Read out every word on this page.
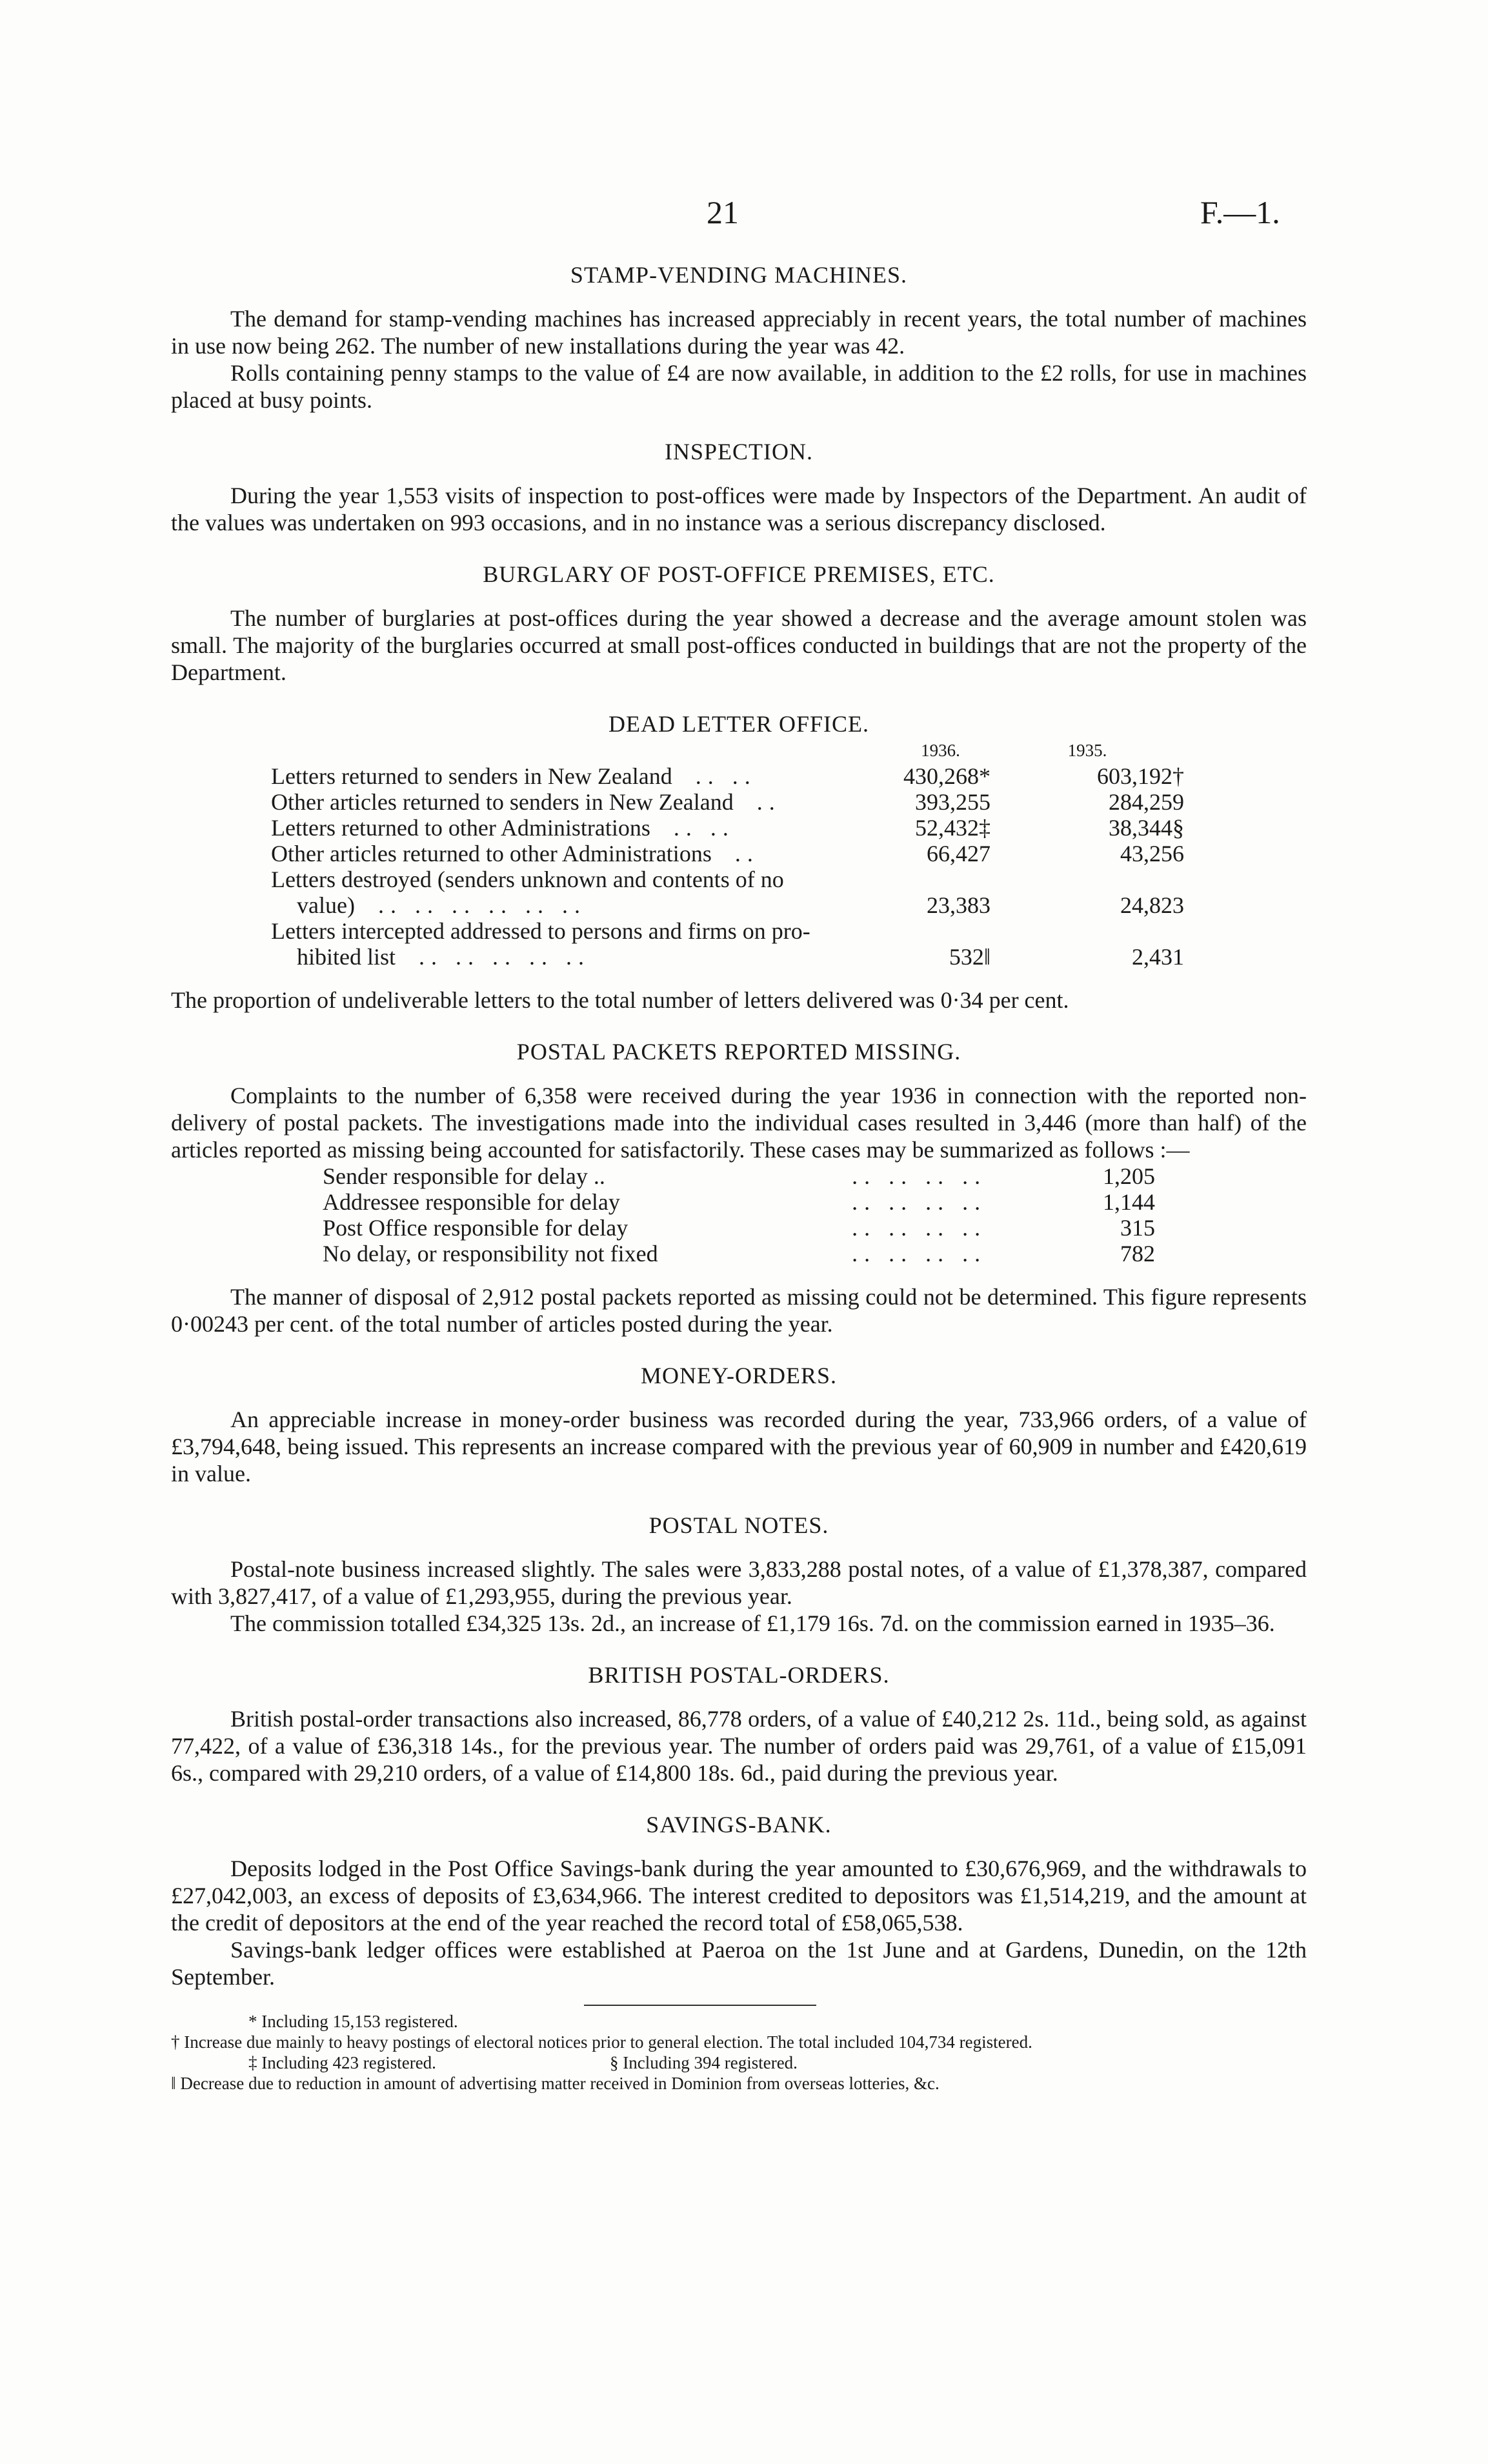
21	F.—1.
STAMP-VENDING MACHINES.

The demand for stamp-vending machines has increased appreciably in recent years, the total number of machines in use now being 262. The number of new installations during the year was 42.

Rolls containing penny stamps to the value of £4 are now available, in addition to the £2 rolls, for use in machines placed at busy points.

INSPECTION.

During the year 1,553 visits of inspection to post-offices were made by Inspectors of the Department. An audit of the values was undertaken on 993 occasions, and in no instance was a serious discrepancy disclosed.

BURGLARY OF POST-OFFICE PREMISES, ETC.

The number of burglaries at post-offices during the year showed a decrease and the average amount stolen was small. The majority of the burglaries occurred at small post-offices conducted in buildings that are not the property of the Department.

DEAD LETTER OFFICE.
	1936.	1935.
Letters returned to senders in New Zealand .. ..	430,268*	603,192†
Other articles returned to senders in New Zealand ..	393,255	284,259
Letters returned to other Administrations .. ..	52,432‡	38,344§
Other articles returned to other Administrations ..	66,427	43,256

Letters destroyed (senders unknown and contents of no
value) .. .. .. .. .. ..	23,383	24,823

Letters intercepted addressed to persons and firms on pro-
hibited list .. .. .. .. ..	532‖	2,431

The proportion of undeliverable letters to the total number of letters delivered was 0·34 per cent.

POSTAL PACKETS REPORTED MISSING.

Complaints to the number of 6,358 were received during the year 1936 in connection with the reported non-delivery of postal packets. The investigations made into the individual cases resulted in 3,446 (more than half) of the articles reported as missing being accounted for satisfactorily. These cases may be summarized as follows :—

Sender responsible for delay ..	.. .. .. ..	1,205
Addressee responsible for delay	.. .. .. ..	1,144
Post Office responsible for delay	.. .. .. ..	315
No delay, or responsibility not fixed	.. .. .. ..	782

The manner of disposal of 2,912 postal packets reported as missing could not be determined. This figure represents 0·00243 per cent. of the total number of articles posted during the year.

MONEY-ORDERS.

An appreciable increase in money-order business was recorded during the year, 733,966 orders, of a value of £3,794,648, being issued. This represents an increase compared with the previous year of 60,909 in number and £420,619 in value.

POSTAL NOTES.

Postal-note business increased slightly. The sales were 3,833,288 postal notes, of a value of £1,378,387, compared with 3,827,417, of a value of £1,293,955, during the previous year.

The commission totalled £34,325 13s. 2d., an increase of £1,179 16s. 7d. on the commission earned in 1935–36.

BRITISH POSTAL-ORDERS.

British postal-order transactions also increased, 86,778 orders, of a value of £40,212 2s. 11d., being sold, as against 77,422, of a value of £36,318 14s., for the previous year. The number of orders paid was 29,761, of a value of £15,091 6s., compared with 29,210 orders, of a value of £14,800 18s. 6d., paid during the previous year.

SAVINGS-BANK.

Deposits lodged in the Post Office Savings-bank during the year amounted to £30,676,969, and the withdrawals to £27,042,003, an excess of deposits of £3,634,966. The interest credited to depositors was £1,514,219, and the amount at the credit of depositors at the end of the year reached the record total of £58,065,538.

Savings-bank ledger offices were established at Paeroa on the 1st June and at Gardens, Dunedin, on the 12th September.

* Including 15,153 registered.
† Increase due mainly to heavy postings of electoral notices prior to general election. The total included 104,734 registered.
‡ Including 423 registered.	§ Including 394 registered.
‖ Decrease due to reduction in amount of advertising matter received in Dominion from overseas lotteries, &c.
